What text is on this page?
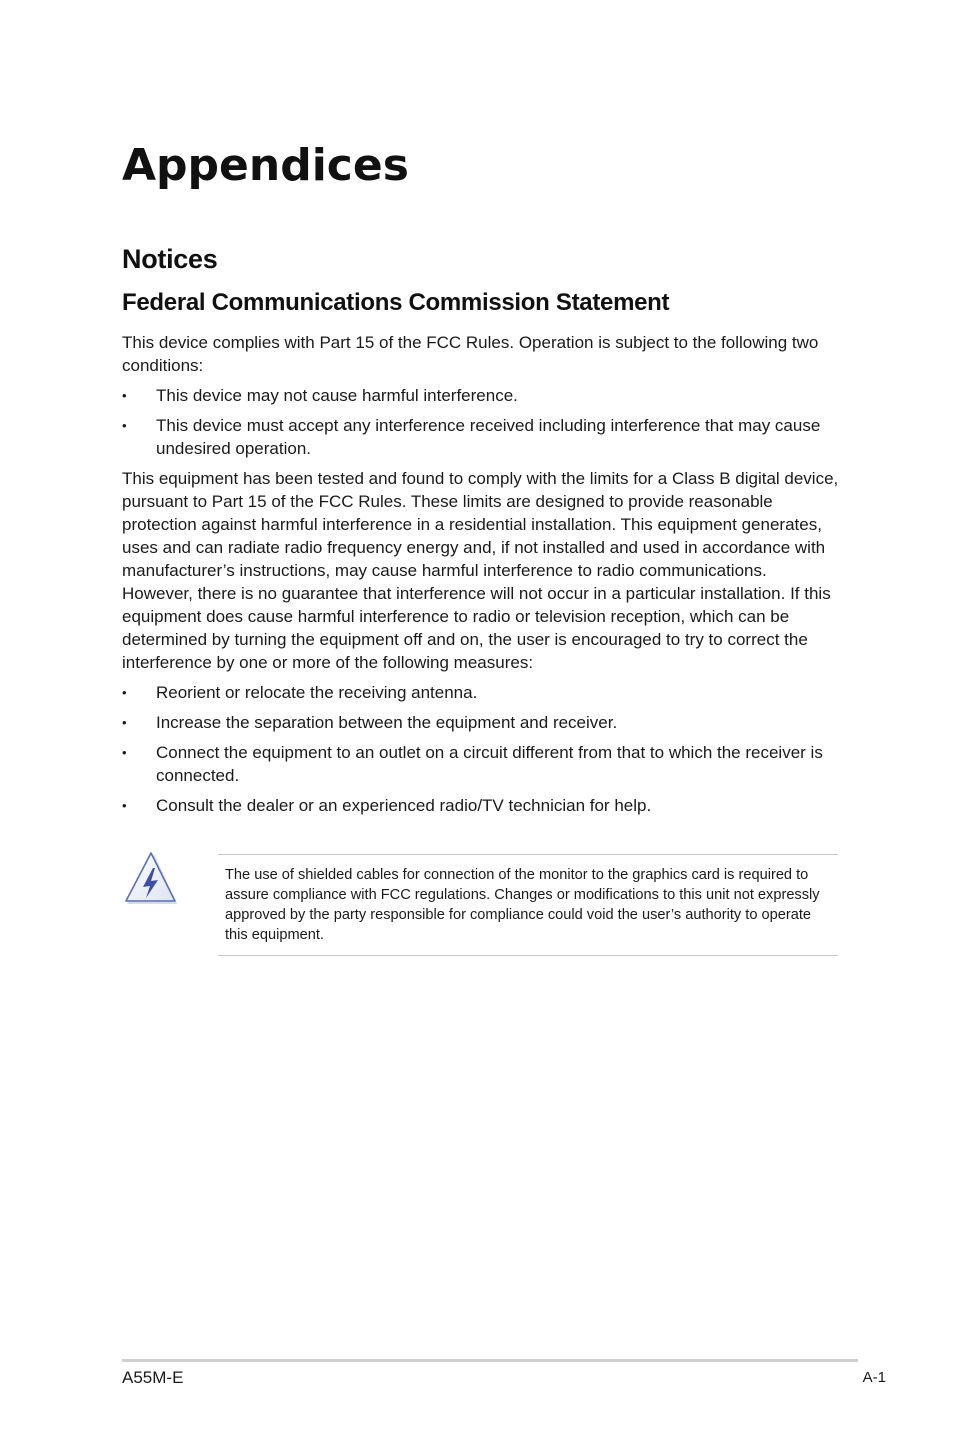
Appendices
Notices
Federal Communications Commission Statement

This device complies with Part 15 of the FCC Rules. Operation is subject to the following two conditions:

•	This device may not cause harmful interference.
•	This device must accept any interference received including interference that may cause undesired operation.

This equipment has been tested and found to comply with the limits for a Class B digital device, pursuant to Part 15 of the FCC Rules. These limits are designed to provide reasonable protection against harmful interference in a residential installation. This equipment generates, uses and can radiate radio frequency energy and, if not installed and used in accordance with manufacturer’s instructions, may cause harmful interference to radio communications. However, there is no guarantee that interference will not occur in a particular installation. If this equipment does cause harmful interference to radio or television reception, which can be determined by turning the equipment off and on, the user is encouraged to try to correct the interference by one or more of the following measures:

•	Reorient or relocate the receiving antenna.
•	Increase the separation between the equipment and receiver.
•	Connect the equipment to an outlet on a circuit different from that to which the receiver is connected.
•	Consult the dealer or an experienced radio/TV technician for help.
The use of shielded cables for connection of the monitor to the graphics card is required to assure compliance with FCC regulations. Changes or modifications to this unit not expressly approved by the party responsible for compliance could void the user’s authority to operate this equipment.
A55M-E	A-1
